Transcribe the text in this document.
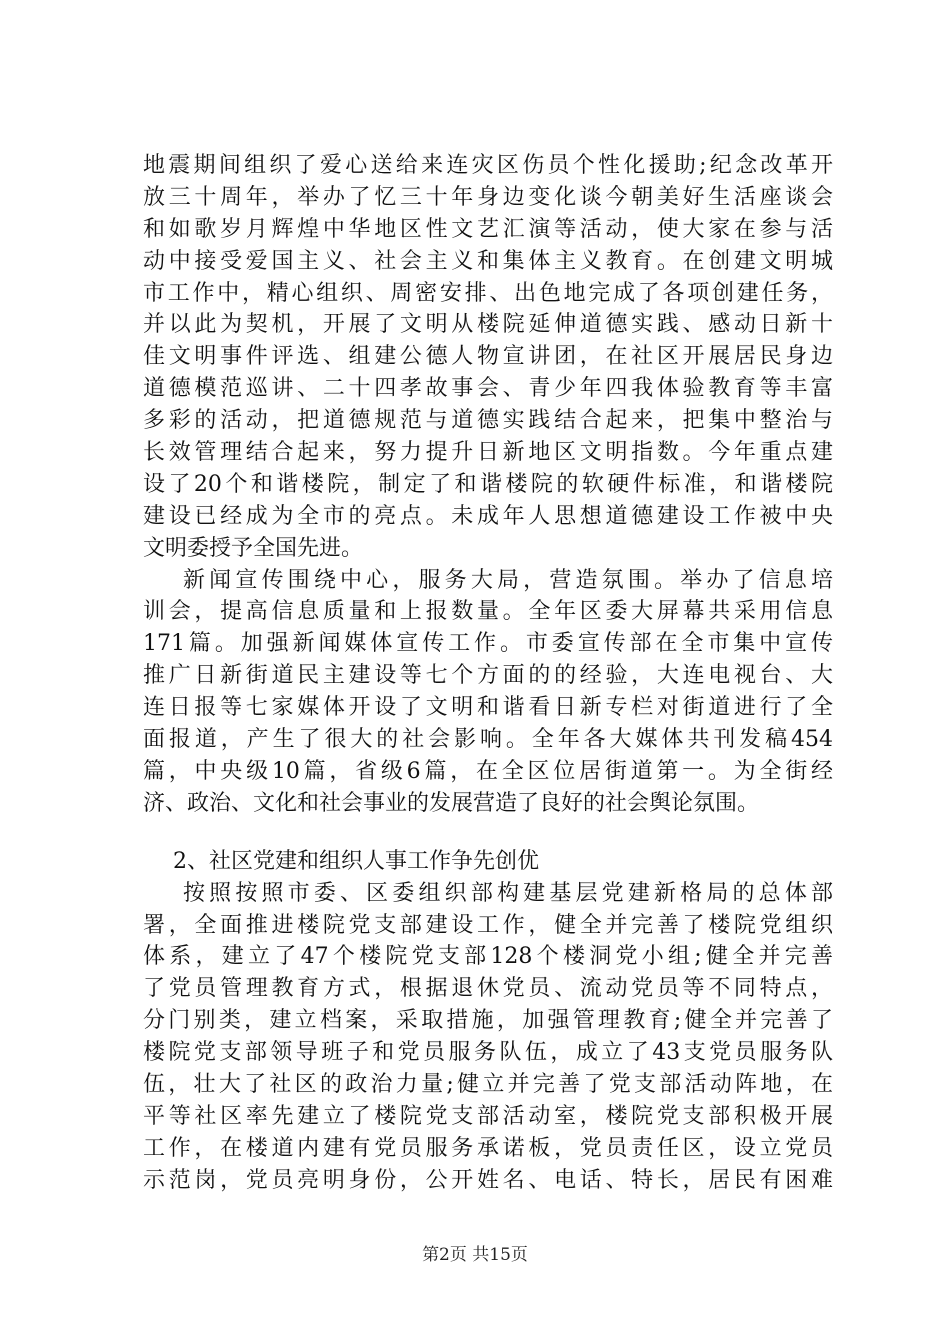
地震期间组织了爱心送给来连灾区伤员个性化援助;纪念改革开
放三十周年，举办了忆三十年身边变化谈今朝美好生活座谈会
和如歌岁月辉煌中华地区性文艺汇演等活动，使大家在参与活
动中接受爱国主义、社会主义和集体主义教育。在创建文明城
市工作中，精心组织、周密安排、出色地完成了各项创建任务，
并以此为契机，开展了文明从楼院延伸道德实践、感动日新十
佳文明事件评选、组建公德人物宣讲团，在社区开展居民身边
道德模范巡讲、二十四孝故事会、青少年四我体验教育等丰富
多彩的活动，把道德规范与道德实践结合起来，把集中整治与
长效管理结合起来，努力提升日新地区文明指数。今年重点建
设了20个和谐楼院，制定了和谐楼院的软硬件标准，和谐楼院
建设已经成为全市的亮点。未成年人思想道德建设工作被中央
文明委授予全国先进。
新闻宣传围绕中心，服务大局，营造氛围。举办了信息培
训会，提高信息质量和上报数量。全年区委大屏幕共采用信息
171篇。加强新闻媒体宣传工作。市委宣传部在全市集中宣传
推广日新街道民主建设等七个方面的的经验，大连电视台、大
连日报等七家媒体开设了文明和谐看日新专栏对街道进行了全
面报道，产生了很大的社会影响。全年各大媒体共刊发稿454
篇，中央级10篇，省级6篇，在全区位居街道第一。为全街经
济、政治、文化和社会事业的发展营造了良好的社会舆论氛围。
2、社区党建和组织人事工作争先创优
按照按照市委、区委组织部构建基层党建新格局的总体部
署，全面推进楼院党支部建设工作，健全并完善了楼院党组织
体系，建立了47个楼院党支部128个楼洞党小组;健全并完善
了党员管理教育方式，根据退休党员、流动党员等不同特点，
分门别类，建立档案，采取措施，加强管理教育;健全并完善了
楼院党支部领导班子和党员服务队伍，成立了43支党员服务队
伍，壮大了社区的政治力量;健立并完善了党支部活动阵地，在
平等社区率先建立了楼院党支部活动室，楼院党支部积极开展
工作，在楼道内建有党员服务承诺板，党员责任区，设立党员
示范岗，党员亮明身份，公开姓名、电话、特长，居民有困难
第2页 共15页
